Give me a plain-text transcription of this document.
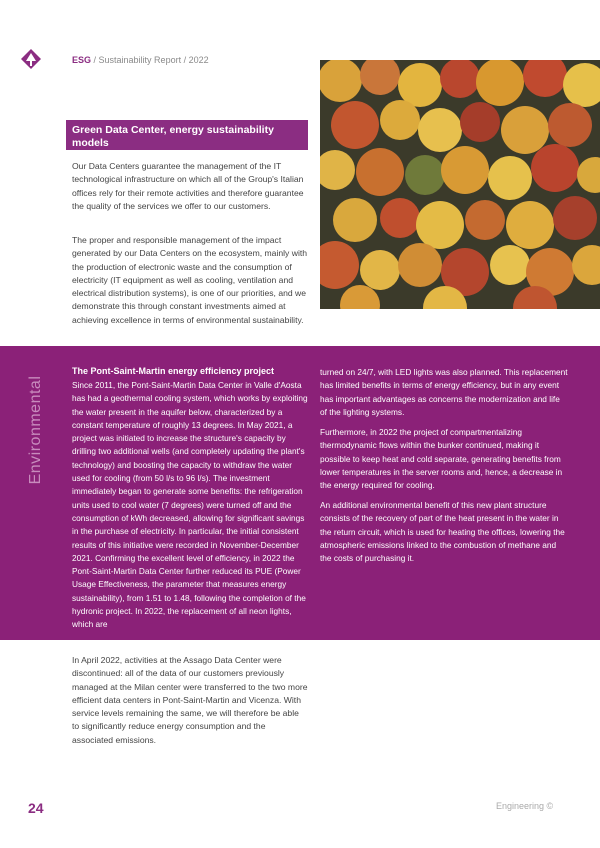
ESG / Sustainability Report / 2022
Green Data Center, energy sustainability models
Our Data Centers guarantee the management of the IT technological infrastructure on which all of the Group's Italian offices rely for their remote activities and therefore guarantee the quality of the services we offer to our customers.
The proper and responsible management of the impact generated by our Data Centers on the ecosystem, mainly with the production of electronic waste and the consumption of electricity (IT equipment as well as cooling, ventilation and electrical distribution systems), is one of our priorities, and we demonstrate this through constant investments aimed at achieving excellence in terms of environmental sustainability.
Environmental
The Pont-Saint-Martin energy efficiency project
Since 2011, the Pont-Saint-Martin Data Center in Valle d'Aosta has had a geothermal cooling system, which works by exploiting the water present in the aquifer below, characterized by a constant temperature of roughly 13 degrees. In May 2021, a project was initiated to increase the structure's capacity by drilling two additional wells (and completely updating the plant's technology) and boosting the capacity to withdraw the water used for cooling (from 50 l/s to 96 l/s). The investment immediately began to generate some benefits: the refrigeration units used to cool water (7 degrees) were turned off and the consumption of kWh decreased, allowing for significant savings in the purchase of electricity. In particular, the initial consistent results of this initiative were recorded in November-December 2021. Confirming the excellent level of efficiency, in 2022 the Pont-Saint-Martin Data Center further reduced its PUE (Power Usage Effectiveness, the parameter that measures energy sustainability), from 1.51 to 1.48, following the completion of the hydronic project. In 2022, the replacement of all neon lights, which are
turned on 24/7, with LED lights was also planned. This replacement has limited benefits in terms of energy efficiency, but in any event has important advantages as concerns the modernization and life of the lighting systems.
Furthermore, in 2022 the project of compartmentalizing thermodynamic flows within the bunker continued, making it possible to keep heat and cold separate, generating benefits from lower temperatures in the server rooms and, hence, a decrease in the energy required for cooling.
An additional environmental benefit of this new plant structure consists of the recovery of part of the heat present in the water in the return circuit, which is used for heating the offices, lowering the atmospheric emissions linked to the combustion of methane and the costs of purchasing it.
In April 2022, activities at the Assago Data Center were discontinued: all of the data of our customers previously managed at the Milan center were transferred to the two more efficient data centers in Pont-Saint-Martin and Vicenza. With service levels remaining the same, we will therefore be able to significantly reduce energy consumption and the associated emissions.
24	Engineering ©
